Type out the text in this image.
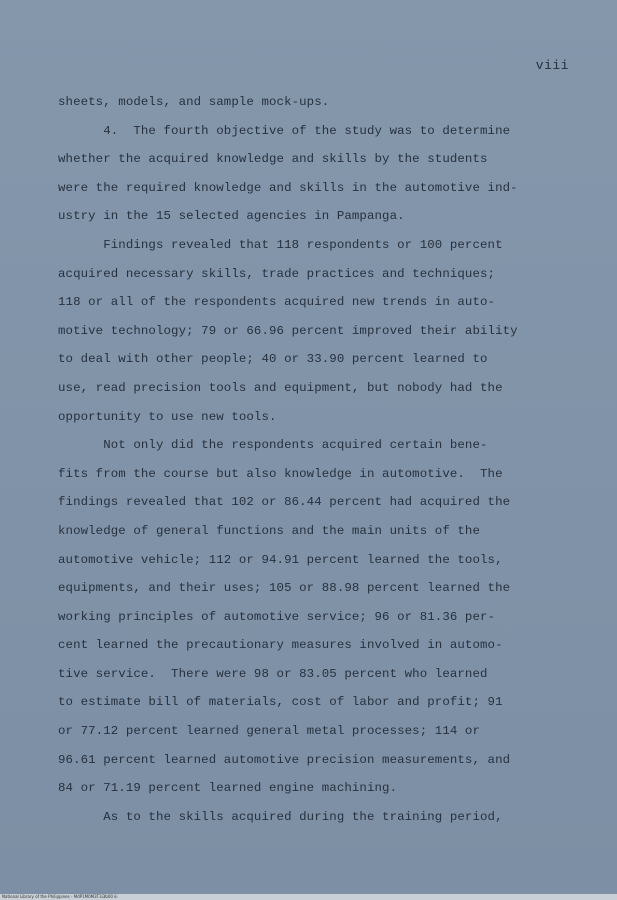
viii
sheets, models, and sample mock-ups.
4.  The fourth objective of the study was to determine
whether the acquired knowledge and skills by the students
were the required knowledge and skills in the automotive ind-
ustry in the 15 selected agencies in Pampanga.
Findings revealed that 118 respondents or 100 percent
acquired necessary skills, trade practices and techniques;
118 or all of the respondents acquired new trends in auto-
motive technology; 79 or 66.96 percent improved their ability
to deal with other people; 40 or 33.90 percent learned to
use, read precision tools and equipment, but nobody had the
opportunity to use new tools.
Not only did the respondents acquired certain bene-
fits from the course but also knowledge in automotive.  The
findings revealed that 102 or 86.44 percent had acquired the
knowledge of general functions and the main units of the
automotive vehicle; 112 or 94.91 percent learned the tools,
equipments, and their uses; 105 or 88.98 percent learned the
working principles of automotive service; 96 or 81.36 per-
cent learned the precautionary measures involved in automo-
tive service.  There were 98 or 83.05 percent who learned
to estimate bill of materials, cost of labor and profit; 91
or 77.12 percent learned general metal processes; 114 or
96.61 percent learned automotive precision measurements, and
84 or 71.19 percent learned engine machining.
As to the skills acquired during the training period,
National Library of the Philippines - MdP1M0M3T3i3b00 iii
